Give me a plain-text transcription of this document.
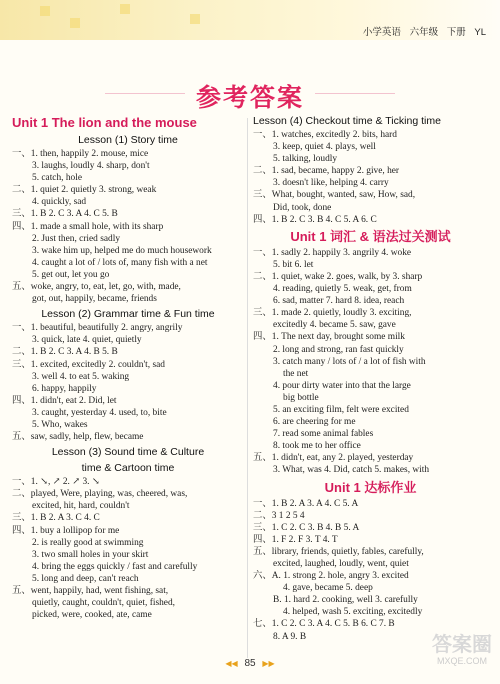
小学英语 六年级 下册 YL
参考答案
Unit 1 The lion and the mouse
Lesson (1) Story time
一、1. then, happily 2. mouse, mice
3. laughs, loudly 4. sharp, don't
5. catch, hole
二、1. quiet 2. quietly 3. strong, weak
4. quickly, sad
三、1. B 2. C 3. A 4. C 5. B
四、1. made a small hole, with its sharp
2. Just then, cried sadly
3. wake him up, helped me do much housework
4. caught a lot of / lots of, many fish with a net
5. get out, let you go
五、woke, angry, to, eat, let, go, with, made,
got, out, happily, became, friends
Lesson (2) Grammar time & Fun time
一、1. beautiful, beautifully 2. angry, angrily
3. quick, late 4. quiet, quietly
二、1. B 2. C 3. A 4. B 5. B
三、1. excited, excitedly 2. couldn't, sad
3. well 4. to eat 5. waking
6. happy, happily
四、1. didn't, eat 2. Did, let
3. caught, yesterday 4. used, to, bite
5. Who, wakes
五、saw, sadly, help, flew, became
Lesson (3) Sound time & Culture
time & Cartoon time
一、1. ↘, ↗ 2. ↗ 3. ↘
二、played, Were, playing, was, cheered, was,
excited, hit, hard, couldn't
三、1. B 2. A 3. C 4. C
四、1. buy a lollipop for me
2. is really good at swimming
3. two small holes in your skirt
4. bring the eggs quickly / fast and carefully
5. long and deep, can't reach
五、went, happily, had, went fishing, sat,
quietly, caught, couldn't, quiet, fished,
picked, were, cooked, ate, came
Lesson (4) Checkout time & Ticking time
一、1. watches, excitedly 2. bits, hard
3. keep, quiet 4. plays, well
5. talking, loudly
二、1. sad, became, happy 2. give, her
3. doesn't like, helping 4. carry
三、What, bought, wanted, saw, How, sad,
Did, took, done
四、1. B 2. C 3. B 4. C 5. A 6. C
Unit 1 词汇 & 语法过关测试
一、1. sadly 2. happily 3. angrily 4. woke
5. bit 6. let
二、1. quiet, wake 2. goes, walk, by 3. sharp
4. reading, quietly 5. weak, get, from
6. sad, matter 7. hard 8. idea, reach
三、1. made 2. quietly, loudly 3. exciting,
excitedly 4. became 5. saw, gave
四、1. The next day, brought some milk
2. long and strong, ran fast quickly
3. catch many / lots of / a lot of fish with
the net
4. pour dirty water into that the large
big bottle
5. an exciting film, felt were excited
6. are cheering for me
7. read some animal fables
8. took me to her office
五、1. didn't, eat, any 2. played, yesterday
3. What, was 4. Did, catch 5. makes, with
Unit 1 达标作业
一、1. B 2. A 3. A 4. C 5. A
二、3 1 2 5 4
三、1. C 2. C 3. B 4. B 5. A
四、1. F 2. F 3. T 4. T
五、library, friends, quietly, fables, carefully,
excited, laughed, loudly, went, quiet
六、A. 1. strong 2. hole, angry 3. excited
4. gave, became 5. deep
B. 1. hard 2. cooking, well 3. carefully
4. helped, wash 5. exciting, excitedly
七、1. C 2. C 3. A 4. C 5. B 6. C 7. B
8. A 9. B
◀◀ 85 ▶▶
答案圈
MXQE.COM
